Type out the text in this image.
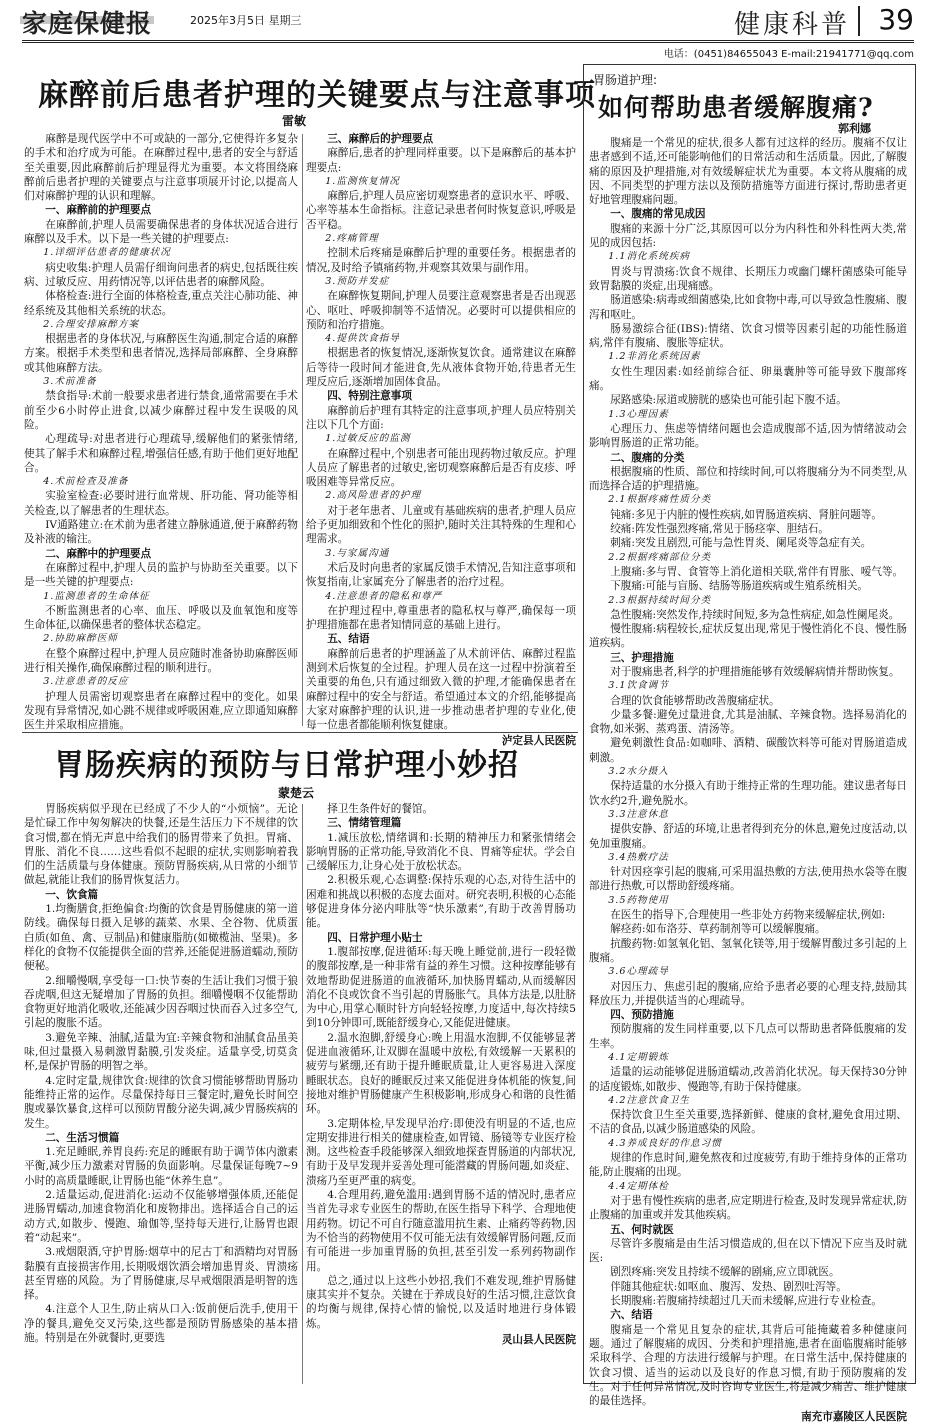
家庭保健报	2025年3月5日 星期三	健康科普 39
电话：(0451)84655043 E-mail:21941771@qq.com
麻醉前后患者护理的关键要点与注意事项
雷敏

麻醉是现代医学中不可或缺的一部分,它使得许多复杂的手术和治疗成为可能。在麻醉过程中,患者的安全与舒适至关重要,因此麻醉前后护理显得尤为重要。本文将围绕麻醉前后患者护理的关键要点与注意事项展开讨论,以提高人们对麻醉护理的认识和理解。

一、麻醉前的护理要点

在麻醉前,护理人员需要确保患者的身体状况适合进行麻醉以及手术。以下是一些关键的护理要点:

1.详细评估患者的健康状况

病史收集:护理人员需仔细询问患者的病史,包括既往疾病、过敏反应、用药情况等,以评估患者的麻醉风险。

体格检查:进行全面的体格检查,重点关注心肺功能、神经系统及其他相关系统的状态。

2.合理安排麻醉方案

根据患者的身体状况,与麻醉医生沟通,制定合适的麻醉方案。根据手术类型和患者情况,选择局部麻醉、全身麻醉或其他麻醉方法。

3.术前准备

禁食指导:术前一般要求患者进行禁食,通常需要在手术前至少6小时停止进食,以减少麻醉过程中发生误吸的风险。

心理疏导:对患者进行心理疏导,缓解他们的紧张情绪,使其了解手术和麻醉过程,增强信任感,有助于他们更好地配合。

4.术前检查及准备

实验室检查:必要时进行血常规、肝功能、肾功能等相关检查,以了解患者的生理状态。

IV通路建立:在术前为患者建立静脉通道,便于麻醉药物及补液的输注。

二、麻醉中的护理要点

在麻醉过程中,护理人员的监护与协助至关重要。以下是一些关键的护理要点:

1.监测患者的生命体征

不断监测患者的心率、血压、呼吸以及血氧饱和度等生命体征,以确保患者的整体状态稳定。

2.协助麻醉医师

在整个麻醉过程中,护理人员应随时准备协助麻醉医师进行相关操作,确保麻醉过程的顺利进行。

3.注意患者的反应

护理人员需密切观察患者在麻醉过程中的变化。如果发现有异常情况,如心跳不规律或呼吸困难,应立即通知麻醉医生并采取相应措施。

三、麻醉后的护理要点

麻醉后,患者的护理同样重要。以下是麻醉后的基本护理要点:

1.监测恢复情况

麻醉后,护理人员应密切观察患者的意识水平、呼吸、心率等基本生命指标。注意记录患者何时恢复意识,呼吸是否平稳。

2.疼痛管理

控制术后疼痛是麻醉后护理的重要任务。根据患者的情况,及时给予镇痛药物,并观察其效果与副作用。

3.预防并发症

在麻醉恢复期间,护理人员要注意观察患者是否出现恶心、呕吐、呼吸抑制等不适情况。必要时可以提供相应的预防和治疗措施。

4.提供饮食指导

根据患者的恢复情况,逐渐恢复饮食。通常建议在麻醉后等待一段时间才能进食,先从液体食物开始,待患者无生理反应后,逐渐增加固体食品。

四、特别注意事项

麻醉前后护理有其特定的注意事项,护理人员应特别关注以下几个方面:

1.过敏反应的监测

在麻醉过程中,个别患者可能出现药物过敏反应。护理人员应了解患者的过敏史,密切观察麻醉后是否有皮疹、呼吸困难等异常反应。

2.高风险患者的护理

对于老年患者、儿童或有基础疾病的患者,护理人员应给予更加细致和个性化的照护,随时关注其特殊的生理和心理需求。

3.与家属沟通

术后及时向患者的家属反馈手术情况,告知注意事项和恢复指南,让家属充分了解患者的治疗过程。

4.注意患者的隐私和尊严

在护理过程中,尊重患者的隐私权与尊严,确保每一项护理措施都在患者知情同意的基础上进行。

五、结语

麻醉前后患者的护理涵盖了从术前评估、麻醉过程监测到术后恢复的全过程。护理人员在这一过程中扮演着至关重要的角色,只有通过细致入微的护理,才能确保患者在麻醉过程中的安全与舒适。希望通过本文的介绍,能够提高大家对麻醉护理的认识,进一步推动患者护理的专业化,使每一位患者都能顺利恢复健康。

泸定县人民医院

胃肠疾病的预防与日常护理小妙招
蒙楚云

胃肠疾病似乎现在已经成了不少人的“小烦恼”。无论是忙碌工作中匆匆解决的快餐,还是生活压力下不规律的饮食习惯,都在悄无声息中给我们的肠胃带来了负担。胃痛、胃胀、消化不良……这些看似不起眼的症状,实则影响着我们的生活质量与身体健康。预防胃肠疾病,从日常的小细节做起,就能让我们的肠胃恢复活力。

一、饮食篇

1.均衡膳食,拒绝偏食:均衡的饮食是胃肠健康的第一道防线。确保每日摄入足够的蔬菜、水果、全谷物、优质蛋白质(如鱼、禽、豆制品)和健康脂肪(如橄榄油、坚果)。多样化的食物不仅能提供全面的营养,还能促进肠道蠕动,预防便秘。

2.细嚼慢咽,享受每一口:快节奏的生活让我们习惯于狼吞虎咽,但这无疑增加了胃肠的负担。细嚼慢咽不仅能帮助食物更好地消化吸收,还能减少因吞咽过快而吞入过多空气,引起的腹胀不适。

3.避免辛辣、油腻,适量为宜:辛辣食物和油腻食品虽美味,但过量摄入易刺激胃黏膜,引发炎症。适量享受,切莫贪杯,是保护胃肠的明智之举。

4.定时定量,规律饮食:规律的饮食习惯能够帮助胃肠功能维持正常的运作。尽量保持每日三餐定时,避免长时间空腹或暴饮暴食,这样可以预防胃酸分泌失调,减少胃肠疾病的发生。

二、生活习惯篇

1.充足睡眠,养胃良药:充足的睡眠有助于调节体内激素平衡,减少压力激素对胃肠的负面影响。尽量保证每晚7~9小时的高质量睡眠,让胃肠也能“休养生息”。

2.适量运动,促进消化:运动不仅能够增强体质,还能促进肠胃蠕动,加速食物消化和废物排出。选择适合自己的运动方式,如散步、慢跑、瑜伽等,坚持每天进行,让肠胃也跟着“动起来”。

3.戒烟限酒,守护胃肠:烟草中的尼古丁和酒精均对胃肠黏膜有直接损害作用,长期吸烟饮酒会增加患胃炎、胃溃疡甚至胃癌的风险。为了胃肠健康,尽早戒烟限酒是明智的选择。

4.注意个人卫生,防止病从口入:饭前便后洗手,使用干净的餐具,避免交叉污染,这些都是预防胃肠感染的基本措施。特别是在外就餐时,更要选

择卫生条件好的餐馆。

三、情绪管理篇

1.减压放松,情绪调和:长期的精神压力和紧张情绪会影响胃肠的正常功能,导致消化不良、胃痛等症状。学会自己缓解压力,让身心处于放松状态。

2.积极乐观,心态调整:保持乐观的心态,对待生活中的困难和挑战以积极的态度去面对。研究表明,积极的心态能够促进身体分泌内啡肽等“快乐激素”,有助于改善胃肠功能。

四、日常护理小贴士

1.腹部按摩,促进循环:每天晚上睡觉前,进行一段轻微的腹部按摩,是一种非常有益的养生习惯。这种按摩能够有效地帮助促进肠道的血液循环,加快肠胃蠕动,从而缓解因消化不良或饮食不当引起的胃肠胀气。具体方法是,以肚脐为中心,用掌心顺时针方向轻轻按摩,力度适中,每次持续5到10分钟即可,既能舒缓身心,又能促进健康。

2.温水泡脚,舒缓身心:晚上用温水泡脚,不仅能够显著促进血液循环,让双脚在温暖中放松,有效缓解一天累积的疲劳与紧绷,还有助于提升睡眠质量,让人更容易进入深度睡眠状态。良好的睡眠反过来又能促进身体机能的恢复,间接地对维护胃肠健康产生积极影响,形成身心和谐的良性循环。

3.定期体检,早发现早治疗:即使没有明显的不适,也应定期安排进行相关的健康检查,如胃镜、肠镜等专业医疗检测。这些检查手段能够深入细致地探查胃肠道的内部状况,有助于及早发现并妥善处理可能潜藏的胃肠问题,如炎症、溃疡乃至更严重的病变。

4.合理用药,避免滥用:遇到胃肠不适的情况时,患者应当首先寻求专业医生的帮助,在医生指导下科学、合理地使用药物。切记不可自行随意滥用抗生素、止痛药等药物,因为不恰当的药物使用不仅可能无法有效缓解胃肠问题,反而有可能进一步加重胃肠的负担,甚至引发一系列药物副作用。

总之,通过以上这些小妙招,我们不难发现,维护胃肠健康其实并不复杂。关键在于养成良好的生活习惯,注意饮食的均衡与规律,保持心情的愉悦,以及适时地进行身体锻炼。

灵山县人民医院

胃肠道护理:
如何帮助患者缓解腹痛?
郭利娜

腹痛是一个常见的症状,很多人都有过这样的经历。腹痛不仅让患者感到不适,还可能影响他们的日常活动和生活质量。因此,了解腹痛的原因及护理措施,对有效缓解症状尤为重要。本文将从腹痛的成因、不同类型的护理方法以及预防措施等方面进行探讨,帮助患者更好地管理腹痛问题。

一、腹痛的常见成因

腹痛的来源十分广泛,其原因可以分为内科性和外科性两大类,常见的成因包括:

1.1消化系统疾病

胃炎与胃溃疡:饮食不规律、长期压力或幽门螺杆菌感染可能导致胃黏膜的炎症,出现痛感。

肠道感染:病毒或细菌感染,比如食物中毒,可以导致急性腹痛、腹泻和呕吐。

肠易激综合征(IBS):情绪、饮食习惯等因素引起的功能性肠道病,常伴有腹痛、腹胀等症状。

1.2非消化系统因素

女性生理因素:如经前综合征、卵巢囊肿等可能导致下腹部疼痛。

尿路感染:尿道或膀胱的感染也可能引起下腹不适。

1.3心理因素

心理压力、焦虑等情绪问题也会造成腹部不适,因为情绪波动会影响胃肠道的正常功能。

二、腹痛的分类

根据腹痛的性质、部位和持续时间,可以将腹痛分为不同类型,从而选择合适的护理措施。

2.1根据疼痛性质分类

钝痛:多见于内脏的慢性疾病,如胃肠道疾病、肾脏问题等。

绞痛:阵发性强烈疼痛,常见于肠痉挛、胆结石。

刺痛:突发且剧烈,可能与急性胃炎、阑尾炎等急症有关。

2.2根据疼痛部位分类

上腹痛:多与胃、食管等上消化道相关联,常伴有胃胀、嗳气等。

下腹痛:可能与盲肠、结肠等肠道疾病或生殖系统相关。

2.3根据持续时间分类

急性腹痛:突然发作,持续时间短,多为急性病症,如急性阑尾炎。

慢性腹痛:病程较长,症状反复出现,常见于慢性消化不良、慢性肠道疾病。

三、护理措施

对于腹痛患者,科学的护理措施能够有效缓解病情并帮助恢复。

3.1饮食调节

合理的饮食能够帮助改善腹痛症状。

少量多餐:避免过量进食,尤其是油腻、辛辣食物。选择易消化的食物,如米粥、蒸鸡蛋、清汤等。

避免刺激性食品:如咖啡、酒精、碳酸饮料等可能对胃肠道造成刺激。

3.2水分摄入

保持适量的水分摄入有助于维持正常的生理功能。建议患者每日饮水约2升,避免脱水。

3.3注意休息

提供安静、舒适的环境,让患者得到充分的休息,避免过度活动,以免加重腹痛。

3.4热敷疗法

针对因痉挛引起的腹痛,可采用温热敷的方法,使用热水袋等在腹部进行热敷,可以帮助舒缓疼痛。

3.5药物使用

在医生的指导下,合理使用一些非处方药物来缓解症状,例如:

解痉药:如布洛芬、草药制剂等可以缓解腹痛。

抗酸药物:如氢氧化铝、氢氧化镁等,用于缓解胃酸过多引起的上腹痛。

3.6心理疏导

对因压力、焦虑引起的腹痛,应给予患者必要的心理支持,鼓励其释放压力,并提供适当的心理疏导。

四、预防措施

预防腹痛的发生同样重要,以下几点可以帮助患者降低腹痛的发生率。

4.1定期锻炼

适量的运动能够促进肠道蠕动,改善消化状况。每天保持30分钟的适度锻炼,如散步、慢跑等,有助于保持健康。

4.2注意饮食卫生

保持饮食卫生至关重要,选择新鲜、健康的食材,避免食用过期、不洁的食品,以减少肠道感染的风险。

4.3养成良好的作息习惯

规律的作息时间,避免熬夜和过度疲劳,有助于维持身体的正常功能,防止腹痛的出现。

4.4定期体检

对于患有慢性疾病的患者,应定期进行检查,及时发现异常症状,防止腹痛的加重或并发其他疾病。

五、何时就医

尽管许多腹痛是由生活习惯造成的,但在以下情况下应当及时就医:

剧烈疼痛:突发且持续不缓解的剧痛,应立即就医。

伴随其他症状:如呕血、腹泻、发热、剧烈吐泻等。

长期腹痛:若腹痛持续超过几天而未缓解,应进行专业检查。

六、结语

腹痛是一个常见且复杂的症状,其背后可能掩藏着多种健康问题。通过了解腹痛的成因、分类和护理措施,患者在面临腹痛时能够采取科学、合理的方法进行缓解与护理。在日常生活中,保持健康的饮食习惯、适当的运动以及良好的作息习惯,有助于预防腹痛的发生。对于任何异常情况,及时咨询专业医生,将是减少痛苦、维护健康的最佳选择。

南充市嘉陵区人民医院
